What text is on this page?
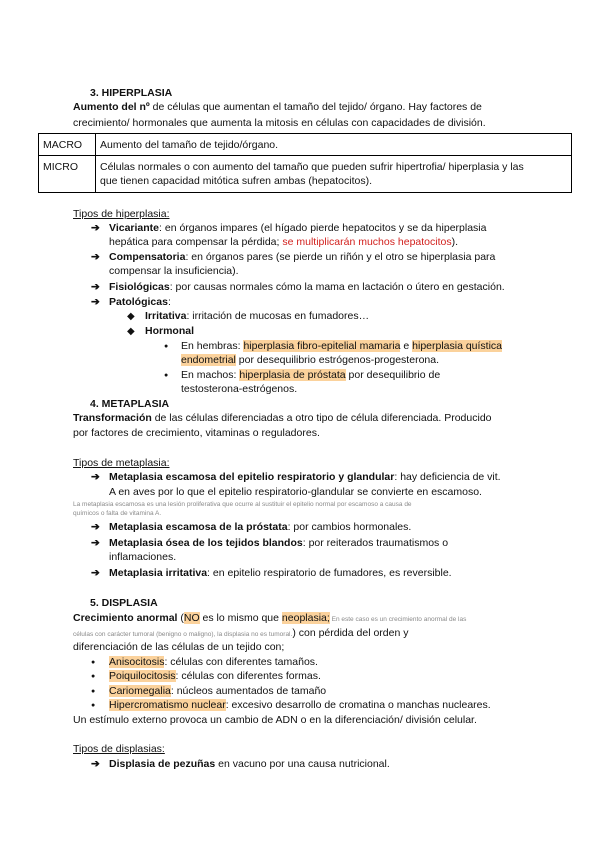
3. HIPERPLASIA
Aumento del nº de células que aumentan el tamaño del tejido/ órgano. Hay factores de
crecimiento/ hormonales que aumenta la mitosis en células con capacidades de división.
MACRO	Aumento del tamaño de tejido/órgano.
MICRO	Células normales o con aumento del tamaño que pueden sufrir hipertrofia/ hiperplasia y las
que tienen capacidad mitótica sufren ambas (hepatocitos).
Tipos de hiperplasia:
➔ Vicariante: en órganos impares (el hígado pierde hepatocitos y se da hiperplasia
hepática para compensar la pérdida; se multiplicarán muchos hepatocitos).
➔ Compensatoria: en órganos pares (se pierde un riñón y el otro se hiperplasia para
compensar la insuficiencia).
➔ Fisiológicas: por causas normales cómo la mama en lactación o útero en gestación.
➔ Patológicas:
◆ Irritativa: irritación de mucosas en fumadores…
◆ Hormonal
● En hembras: hiperplasia fibro-epitelial mamaria e hiperplasia quística
endometrial por desequilibrio estrógenos-progesterona.
● En machos: hiperplasia de próstata por desequilibrio de
testosterona-estrógenos.
4. METAPLASIA
Transformación de las células diferenciadas a otro tipo de célula diferenciada. Producido
por factores de crecimiento, vitaminas o reguladores.
Tipos de metaplasia:
➔ Metaplasia escamosa del epitelio respiratorio y glandular: hay deficiencia de vit.
A en aves por lo que el epitelio respiratorio-glandular se convierte en escamoso.
La metaplasia escamosa es una lesión proliferativa que ocurre al sustituir el epitelio normal por escamoso a causa de
químicos o falta de vitamina A.
➔ Metaplasia escamosa de la próstata: por cambios hormonales.
➔ Metaplasia ósea de los tejidos blandos: por reiterados traumatismos o
inflamaciones.
➔ Metaplasia irritativa: en epitelio respiratorio de fumadores, es reversible.
5. DISPLASIA
Crecimiento anormal (NO es lo mismo que neoplasia; En este caso es un crecimiento anormal de las
células con carácter tumoral (benigno o maligno), la displasia no es tumoral.) con pérdida del orden y
diferenciación de las células de un tejido con;
● Anisocitosis: células con diferentes tamaños.
● Poiquilocitosis: células con diferentes formas.
● Cariomegalia: núcleos aumentados de tamaño
● Hipercromatismo nuclear: excesivo desarrollo de cromatina o manchas nucleares.
Un estímulo externo provoca un cambio de ADN o en la diferenciación/ división celular.
Tipos de displasias:
➔ Displasia de pezuñas en vacuno por una causa nutricional.
